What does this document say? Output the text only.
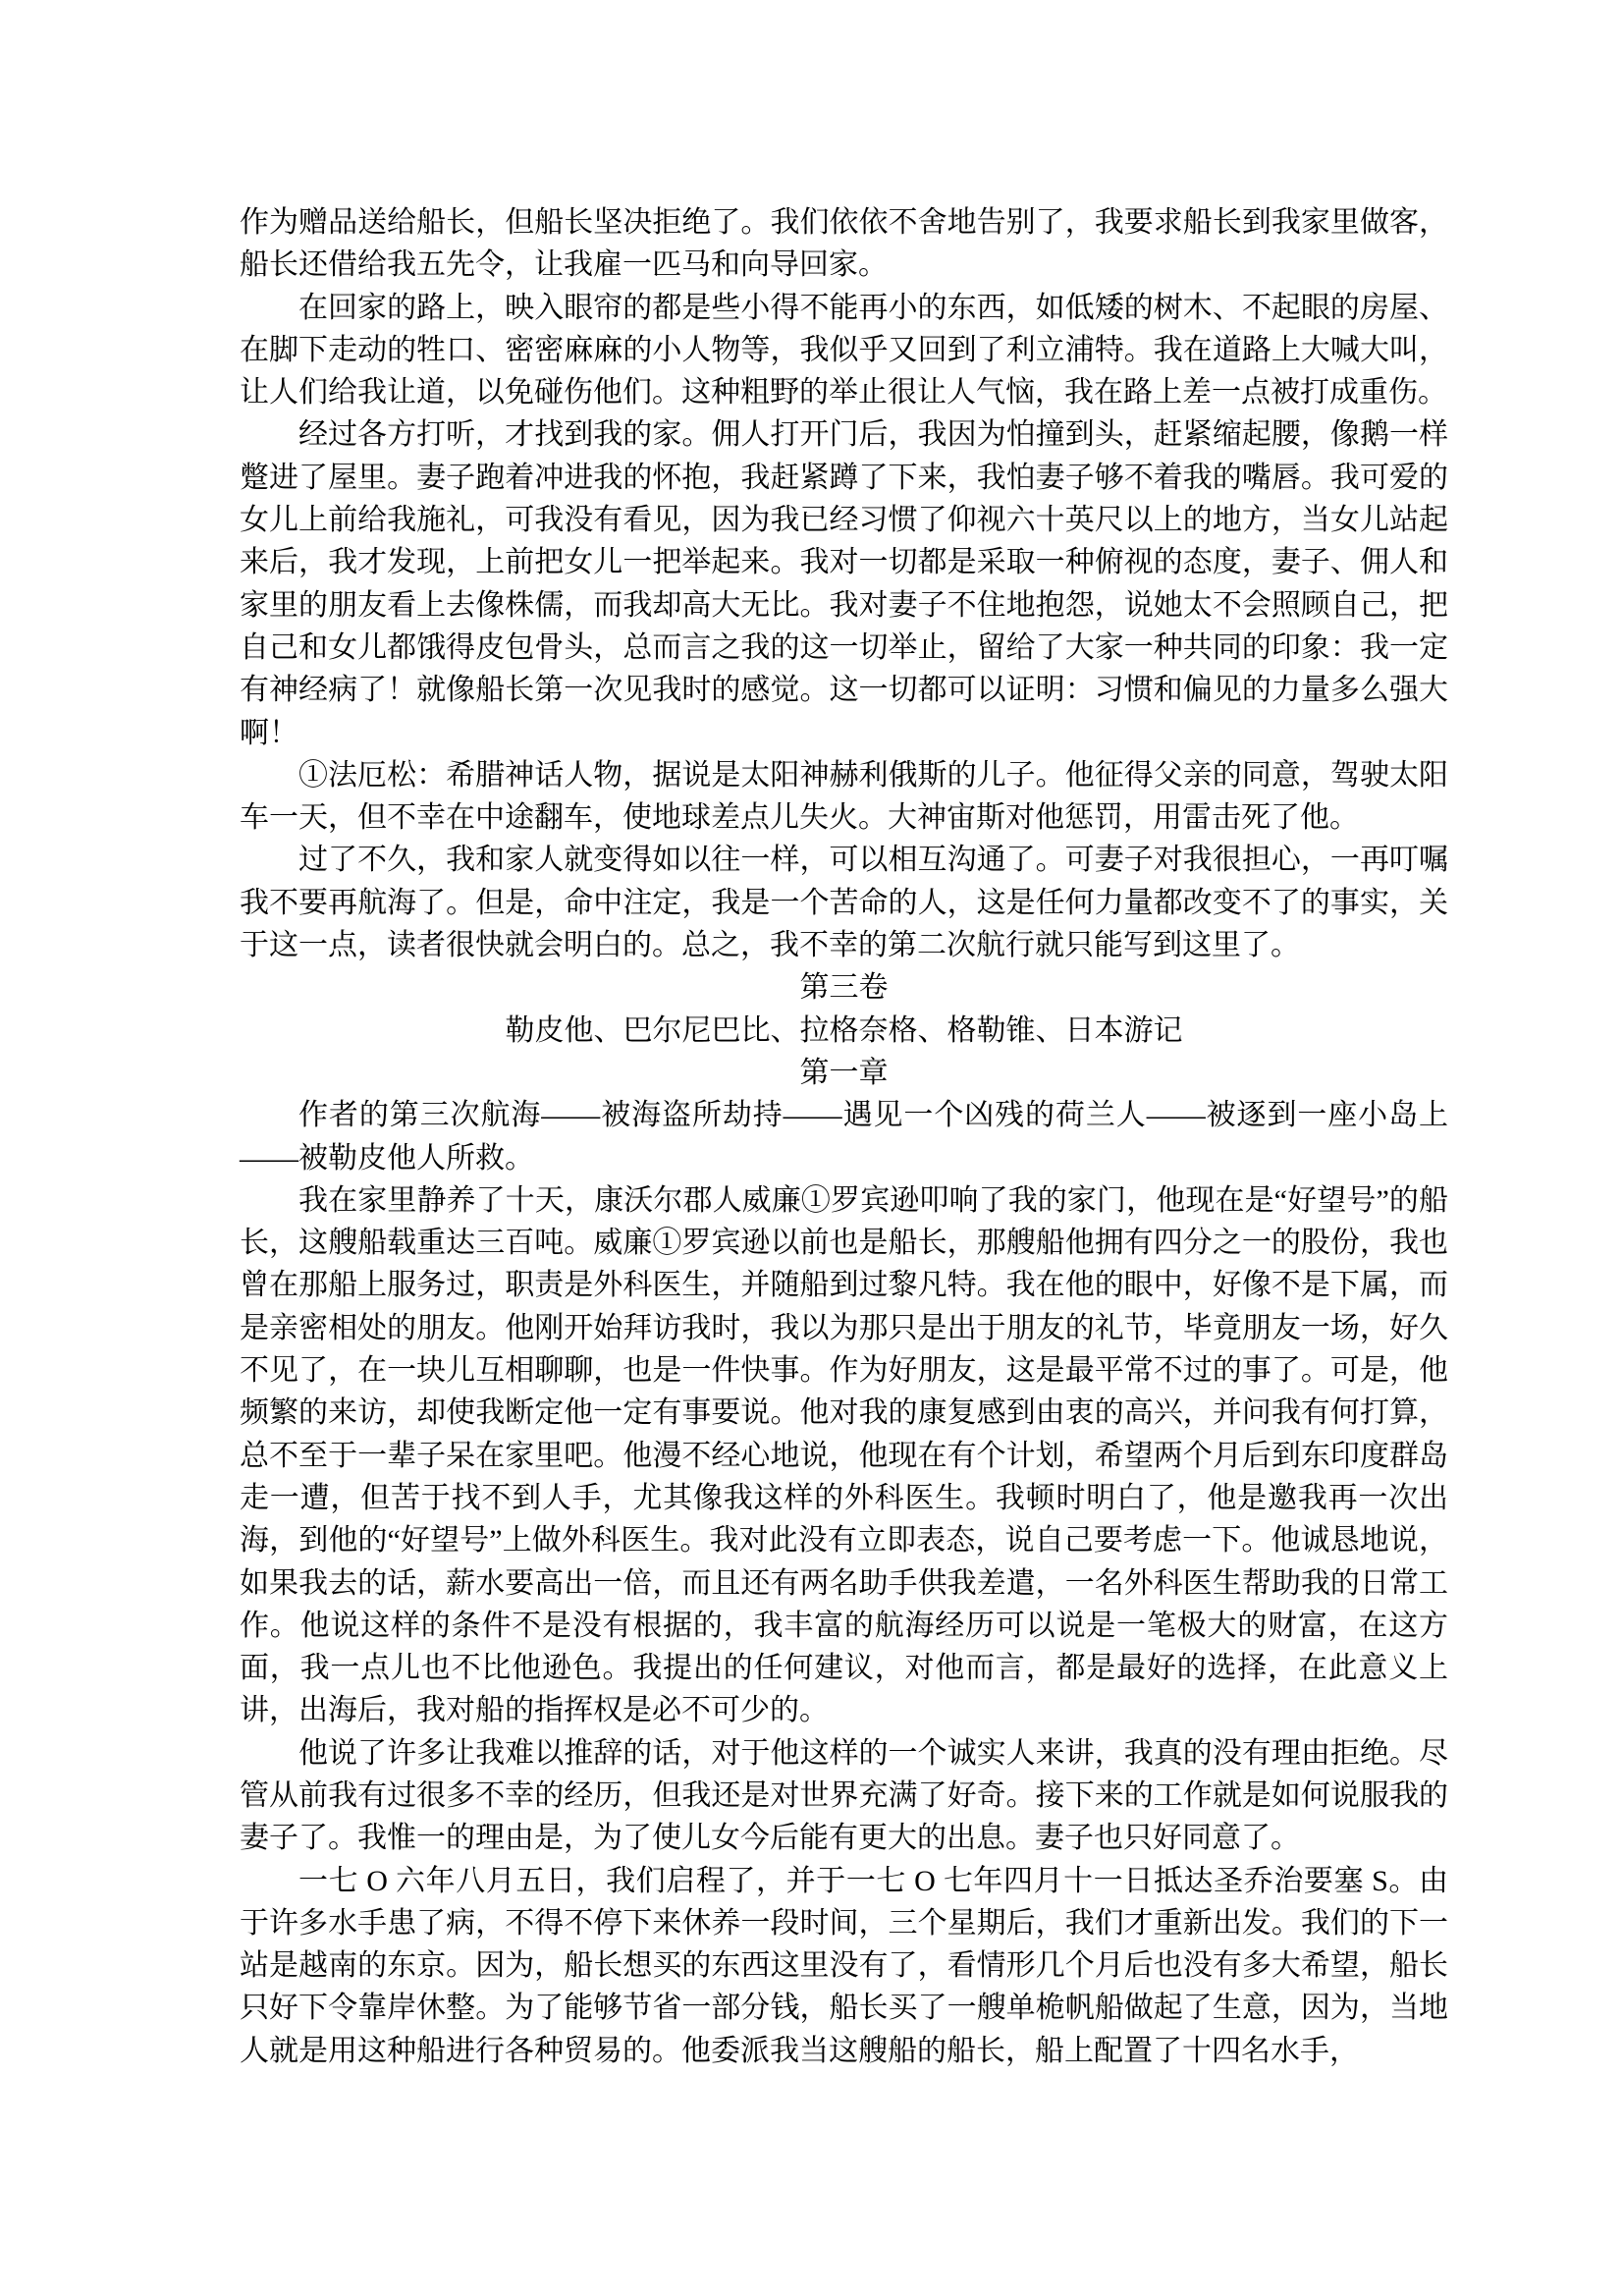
作为赠品送给船长，但船长坚决拒绝了。我们依依不舍地告别了，我要求船长到我家里做客，船长还借给我五先令，让我雇一匹马和向导回家。

在回家的路上，映入眼帘的都是些小得不能再小的东西，如低矮的树木、不起眼的房屋、在脚下走动的牲口、密密麻麻的小人物等，我似乎又回到了利立浦特。我在道路上大喊大叫，让人们给我让道，以免碰伤他们。这种粗野的举止很让人气恼，我在路上差一点被打成重伤。

经过各方打听，才找到我的家。佣人打开门后，我因为怕撞到头，赶紧缩起腰，像鹅一样蹩进了屋里。妻子跑着冲进我的怀抱，我赶紧蹲了下来，我怕妻子够不着我的嘴唇。我可爱的女儿上前给我施礼，可我没有看见，因为我已经习惯了仰视六十英尺以上的地方，当女儿站起来后，我才发现，上前把女儿一把举起来。我对一切都是采取一种俯视的态度，妻子、佣人和家里的朋友看上去像株儒，而我却高大无比。我对妻子不住地抱怨，说她太不会照顾自己，把自己和女儿都饿得皮包骨头，总而言之我的这一切举止，留给了大家一种共同的印象：我一定有神经病了！就像船长第一次见我时的感觉。这一切都可以证明：习惯和偏见的力量多么强大啊！

①法厄松：希腊神话人物，据说是太阳神赫利俄斯的儿子。他征得父亲的同意，驾驶太阳车一天，但不幸在中途翻车，使地球差点儿失火。大神宙斯对他惩罚，用雷击死了他。

过了不久，我和家人就变得如以往一样，可以相互沟通了。可妻子对我很担心，一再叮嘱我不要再航海了。但是，命中注定，我是一个苦命的人，这是任何力量都改变不了的事实，关于这一点，读者很快就会明白的。总之，我不幸的第二次航行就只能写到这里了。

第三卷

勒皮他、巴尔尼巴比、拉格奈格、格勒锥、日本游记

第一章

作者的第三次航海——被海盗所劫持——遇见一个凶残的荷兰人——被逐到一座小岛上——被勒皮他人所救。

我在家里静养了十天，康沃尔郡人威廉①罗宾逊叩响了我的家门，他现在是“好望号”的船长，这艘船载重达三百吨。威廉①罗宾逊以前也是船长，那艘船他拥有四分之一的股份，我也曾在那船上服务过，职责是外科医生，并随船到过黎凡特。我在他的眼中，好像不是下属，而是亲密相处的朋友。他刚开始拜访我时，我以为那只是出于朋友的礼节，毕竟朋友一场，好久不见了，在一块儿互相聊聊，也是一件快事。作为好朋友，这是最平常不过的事了。可是，他频繁的来访，却使我断定他一定有事要说。他对我的康复感到由衷的高兴，并问我有何打算，总不至于一辈子呆在家里吧。他漫不经心地说，他现在有个计划，希望两个月后到东印度群岛走一遭，但苦于找不到人手，尤其像我这样的外科医生。我顿时明白了，他是邀我再一次出海，到他的“好望号”上做外科医生。我对此没有立即表态，说自己要考虑一下。他诚恳地说，如果我去的话，薪水要高出一倍，而且还有两名助手供我差遣，一名外科医生帮助我的日常工作。他说这样的条件不是没有根据的，我丰富的航海经历可以说是一笔极大的财富，在这方面，我一点儿也不比他逊色。我提出的任何建议，对他而言，都是最好的选择，在此意义上讲，出海后，我对船的指挥权是必不可少的。

他说了许多让我难以推辞的话，对于他这样的一个诚实人来讲，我真的没有理由拒绝。尽管从前我有过很多不幸的经历，但我还是对世界充满了好奇。接下来的工作就是如何说服我的妻子了。我惟一的理由是，为了使儿女今后能有更大的出息。妻子也只好同意了。

一七 O 六年八月五日，我们启程了，并于一七 O 七年四月十一日抵达圣乔治要塞 S。由于许多水手患了病，不得不停下来休养一段时间，三个星期后，我们才重新出发。我们的下一站是越南的东京。因为，船长想买的东西这里没有了，看情形几个月后也没有多大希望，船长只好下令靠岸休整。为了能够节省一部分钱，船长买了一艘单桅帆船做起了生意，因为，当地人就是用这种船进行各种贸易的。他委派我当这艘船的船长，船上配置了十四名水手，
